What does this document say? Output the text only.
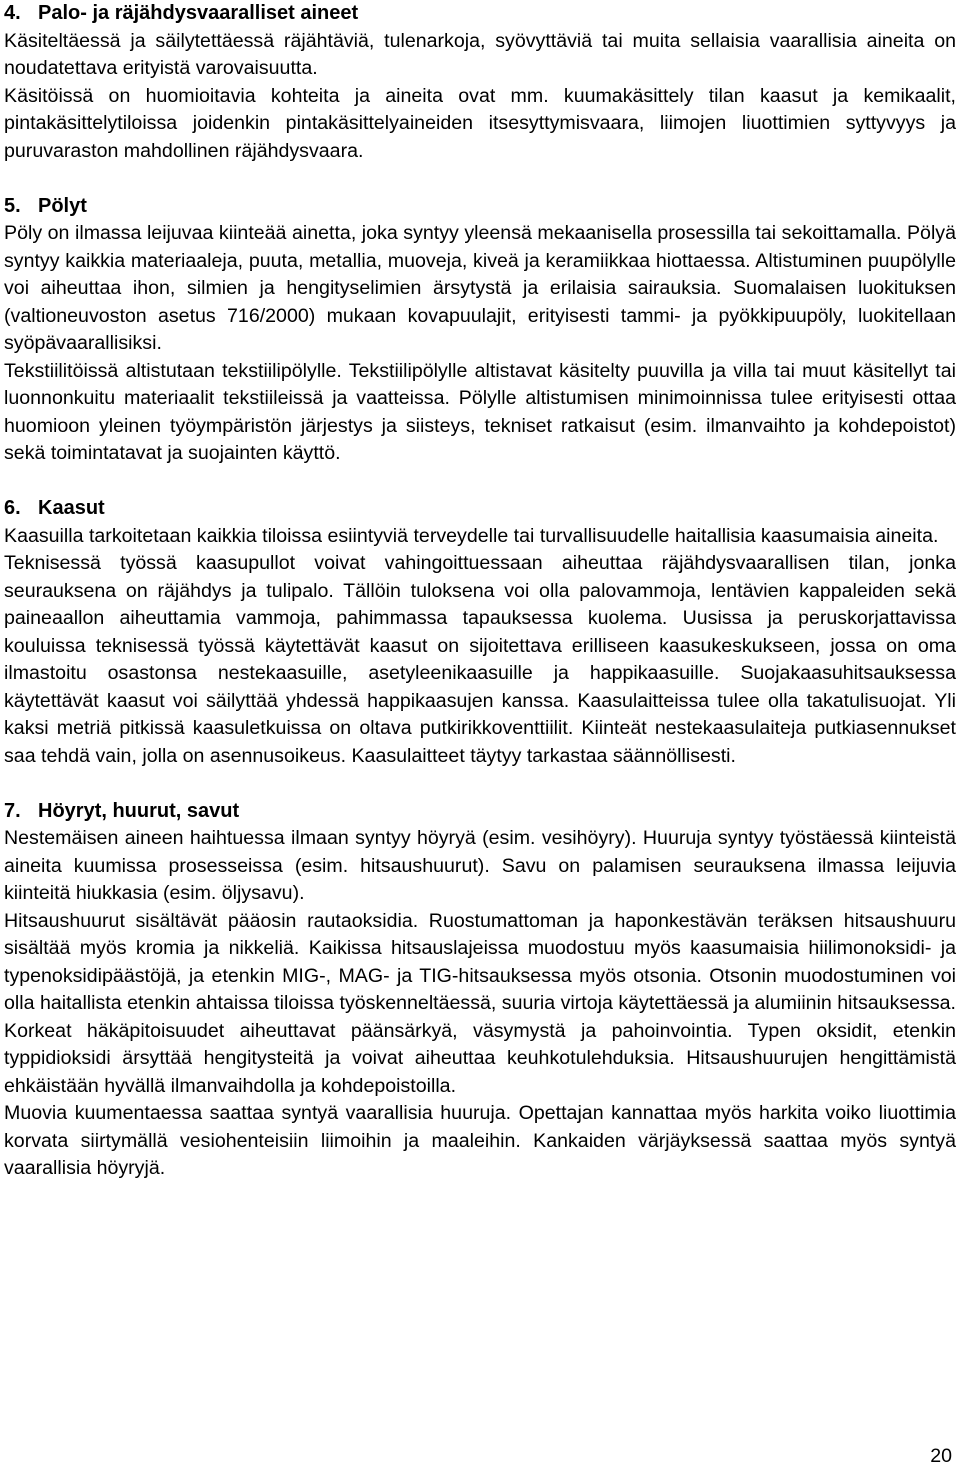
4. Palo- ja räjähdysvaaralliset aineet

Käsiteltäessä ja säilytettäessä räjähtäviä, tulenarkoja, syövyttäviä tai muita sellaisia vaarallisia aineita on noudatettava erityistä varovaisuutta.

Käsitöissä on huomioitavia kohteita ja aineita ovat mm. kuumakäsittely tilan kaasut ja kemikaalit, pintakäsittelytiloissa joidenkin pintakäsittelyaineiden itsesyttymisvaara, liimojen liuottimien syttyvyys ja puruvaraston mahdollinen räjähdysvaara.

5. Pölyt

Pöly on ilmassa leijuvaa kiinteää ainetta, joka syntyy yleensä mekaanisella prosessilla tai sekoittamalla. Pölyä syntyy kaikkia materiaaleja, puuta, metallia, muoveja, kiveä ja keramiikkaa hiottaessa. Altistuminen puupölylle voi aiheuttaa ihon, silmien ja hengityselimien ärsytystä ja erilaisia sairauksia. Suomalaisen luokituksen (valtioneuvoston asetus 716/2000) mukaan kovapuulajit, erityisesti tammi- ja pyökkipuupöly, luokitellaan syöpävaarallisiksi.

Tekstiilitöissä altistutaan tekstiilipölylle. Tekstiilipölylle altistavat käsitelty puuvilla ja villa tai muut käsitellyt tai luonnonkuitu materiaalit tekstiileissä ja vaatteissa. Pölylle altistumisen minimoinnissa tulee erityisesti ottaa huomioon yleinen työympäristön järjestys ja siisteys, tekniset ratkaisut (esim. ilmanvaihto ja kohdepoistot) sekä toimintatavat ja suojainten käyttö.

6. Kaasut

Kaasuilla tarkoitetaan kaikkia tiloissa esiintyviä terveydelle tai turvallisuudelle haitallisia kaasumaisia aineita.

Teknisessä työssä kaasupullot voivat vahingoittuessaan aiheuttaa räjähdysvaarallisen tilan, jonka seurauksena on räjähdys ja tulipalo. Tällöin tuloksena voi olla palovammoja, lentävien kappaleiden sekä paineaallon aiheuttamia vammoja, pahimmassa tapauksessa kuolema. Uusissa ja peruskorjattavissa kouluissa teknisessä työssä käytettävät kaasut on sijoitettava erilliseen kaasukeskukseen, jossa on oma ilmastoitu osastonsa nestekaasuille, asetyleenikaasuille ja happikaasuille. Suojakaasuhitsauksessa käytettävät kaasut voi säilyttää yhdessä happikaasujen kanssa. Kaasulaitteissa tulee olla takatulisuojat. Yli kaksi metriä pitkissä kaasuletkuissa on oltava putkirikkoventtiilit. Kiinteät nestekaasulaiteja putkiasennukset saa tehdä vain, jolla on asennusoikeus. Kaasulaitteet täytyy tarkastaa säännöllisesti.

7. Höyryt, huurut, savut

Nestemäisen aineen haihtuessa ilmaan syntyy höyryä (esim. vesihöyry). Huuruja syntyy työstäessä kiinteistä aineita kuumissa prosesseissa (esim. hitsaushuurut). Savu on palamisen seurauksena ilmassa leijuvia kiinteitä hiukkasia (esim. öljysavu).

Hitsaushuurut sisältävät pääosin rautaoksidia. Ruostumattoman ja haponkestävän teräksen hitsaushuuru sisältää myös kromia ja nikkeliä. Kaikissa hitsauslajeissa muodostuu myös kaasumaisia hiilimonoksidi- ja typenoksidipäästöjä, ja etenkin MIG-, MAG- ja TIG-hitsauksessa myös otsonia. Otsonin muodostuminen voi olla haitallista etenkin ahtaissa tiloissa työskenneltäessä, suuria virtoja käytettäessä ja alumiinin hitsauksessa. Korkeat häkäpitoisuudet aiheuttavat päänsärkyä, väsymystä ja pahoinvointia. Typen oksidit, etenkin typpidioksidi ärsyttää hengitysteitä ja voivat aiheuttaa keuhkotulehduksia. Hitsaushuurujen hengittämistä ehkäistään hyvällä ilmanvaihdolla ja kohdepoistoilla.

Muovia kuumentaessa saattaa syntyä vaarallisia huuruja. Opettajan kannattaa myös harkita voiko liuottimia korvata siirtymällä vesiohenteisiin liimoihin ja maaleihin. Kankaiden värjäyksessä saattaa myös syntyä vaarallisia höyryjä.

20
